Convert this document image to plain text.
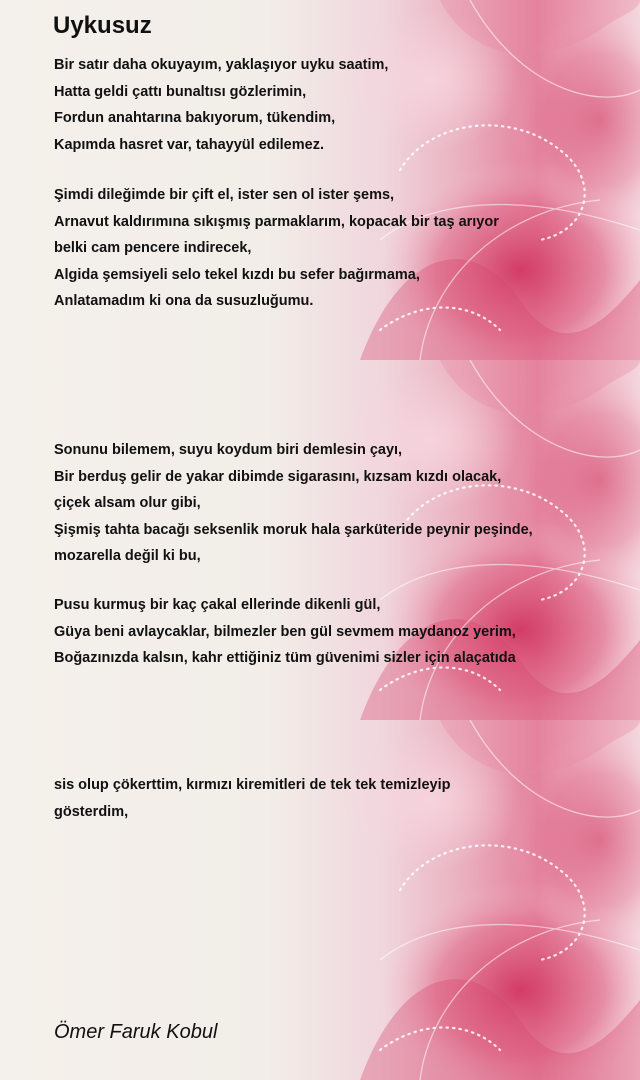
Uykusuz
Bir satır daha okuyayım, yaklaşıyor uyku saatim,
Hatta geldi çattı bunaltısı gözlerimin,
Fordun anahtarına bakıyorum, tükendim,
Kapımda hasret var, tahayyül edilemez.
Şimdi dileğimde bir çift el, ister sen ol ister şems,
Arnavut kaldırımına sıkışmış parmaklarım, kopacak bir taş arıyor
belki cam pencere indirecek,
Algida şemsiyeli selo tekel kızdı bu sefer bağırmama,
Anlatamadım ki ona da susuzluğumu.
Sonunu bilemem, suyu koydum biri demlesin çayı,
Bir berduş gelir de yakar dibimde sigarasını, kızsam kızdı olacak,
çiçek alsam olur gibi,
Şişmiş tahta bacağı seksenlik moruk hala şarküteride peynir peşinde,
mozarella değil ki bu,
Pusu kurmuş bir kaç çakal ellerinde dikenli gül,
Güya beni avlaycaklar, bilmezler ben gül sevmem maydanoz yerim,
Boğazınızda kalsın, kahr ettiğiniz tüm güvenimi sizler için alaçatıda
sis olup çökerttim, kırmızı kiremitleri de tek tek temizleyip
gösterdim,

Ömer Faruk Kobul
